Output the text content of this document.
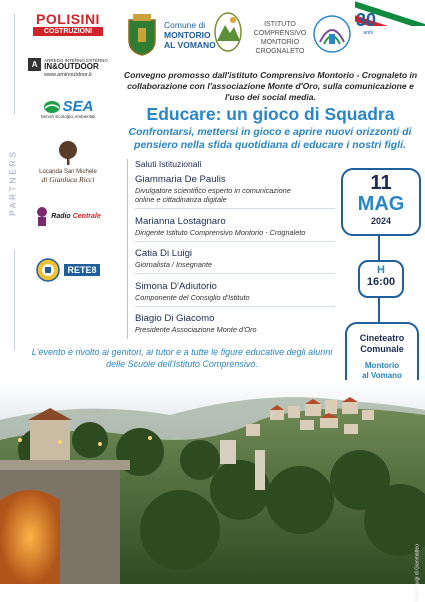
PARTNERS
POLISINI
COSTRUZIONI
A	ARREDO INTERNO ESTERNO
IN&OUTDOOR
www.aminoutdoor.it
SEA
Servizi Ecologici Ambientali
Locanda San Michele
di Gianluca Ricci
Radio Centrale
RETE8
Comune di
MONTORIO
AL VOMANO
ISTITUTO
COMPRENSIVO
MONTORIO
CROGNALETO
30
anni
Convegno promosso dall'istituto Comprensivo Montorio - Crognaleto in collaborazione con l'associazione Monte d'Oro, sulla comunicazione e l'uso dei social media.
Educare: un gioco di Squadra
Confrontarsi, mettersi in gioco e aprire nuovi orizzonti di pensiero nella sfida quotidiana di educare i nostri figli.
Saluti Istituzionali
Giammaria De Paulis
Divulgatore scientifico esperto in comunicazione online e cittadinanza digitale
Marianna Lostagnaro
Dirigente Istituto Comprensivo Montorio - Crognaleto
Catia Di Luigi
Giornalista / Insegnante
Simona D'Adiutorio
Componente del Consiglio d'Istituto
Biagio Di Giacomo
Presidente Associazione Monte d'Oro
11
MAG
2024
H
16:00
Cineteatro
Comunale
Montorio
al Vomano
L'evento è rivolto ai genitori, ai tutor e a tutte le figure educative degli alunni delle Scuole dell'Istituto Comprensivo.
Photo Luigi di Gianmatteo
